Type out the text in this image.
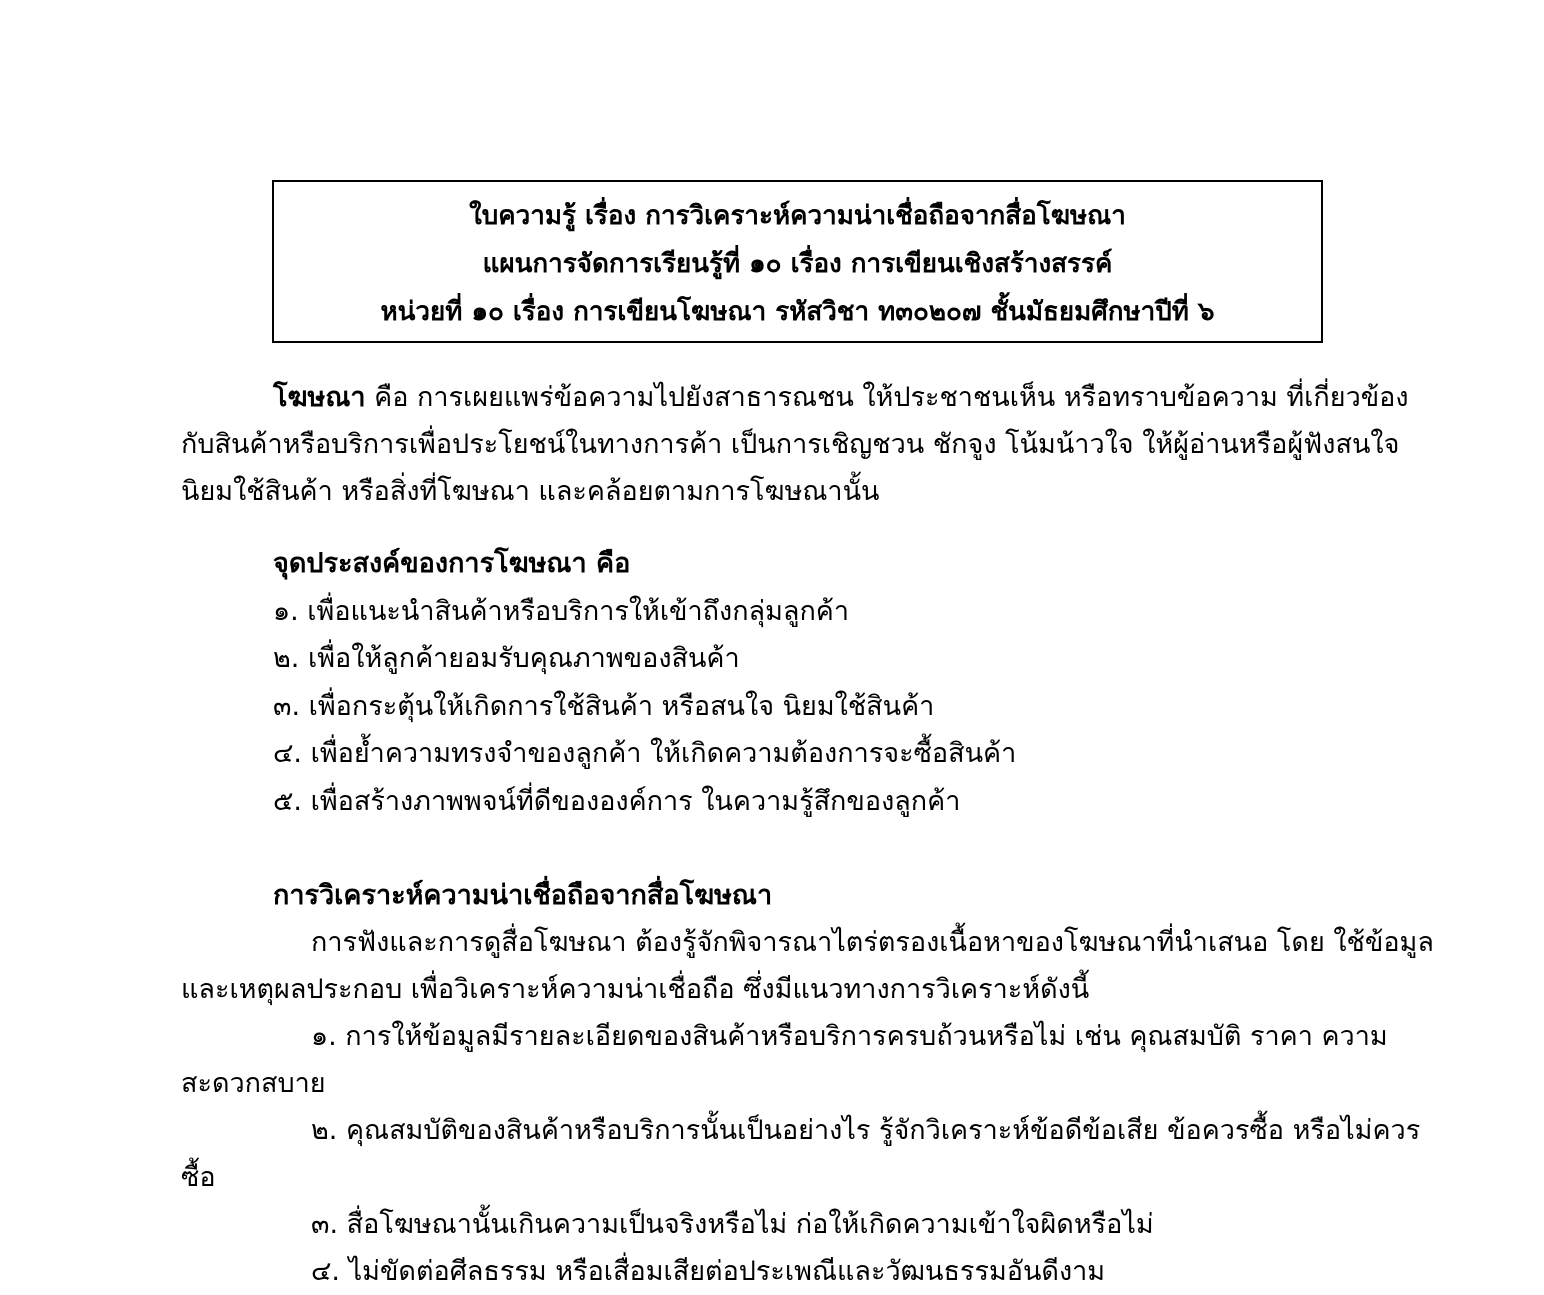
ใบความรู้ เรื่อง การวิเคราะห์ความน่าเชื่อถือจากสื่อโฆษณา
แผนการจัดการเรียนรู้ที่ ๑๐ เรื่อง การเขียนเชิงสร้างสรรค์
หน่วยที่ ๑๐ เรื่อง การเขียนโฆษณา รหัสวิชา ท๓๐๒๐๗ ชั้นมัธยมศึกษาปีที่ ๖
โฆษณา คือ การเผยแพร่ข้อความไปยังสาธารณชน ให้ประชาชนเห็น หรือทราบข้อความ ที่เกี่ยวข้อง
กับสินค้าหรือบริการเพื่อประโยชน์ในทางการค้า เป็นการเชิญชวน ชักจูง โน้มน้าวใจ ให้ผู้อ่านหรือผู้ฟังสนใจ
นิยมใช้สินค้า หรือสิ่งที่โฆษณา และคล้อยตามการโฆษณานั้น
จุดประสงค์ของการโฆษณา คือ
๑. เพื่อแนะนำสินค้าหรือบริการให้เข้าถึงกลุ่มลูกค้า
๒. เพื่อให้ลูกค้ายอมรับคุณภาพของสินค้า
๓. เพื่อกระตุ้นให้เกิดการใช้สินค้า หรือสนใจ นิยมใช้สินค้า
๔. เพื่อย้ำความทรงจำของลูกค้า ให้เกิดความต้องการจะซื้อสินค้า
๕. เพื่อสร้างภาพพจน์ที่ดีขององค์การ ในความรู้สึกของลูกค้า
การวิเคราะห์ความน่าเชื่อถือจากสื่อโฆษณา
การฟังและการดูสื่อโฆษณา ต้องรู้จักพิจารณาไตร่ตรองเนื้อหาของโฆษณาที่นำเสนอ โดย ใช้ข้อมูล
และเหตุผลประกอบ เพื่อวิเคราะห์ความน่าเชื่อถือ ซึ่งมีแนวทางการวิเคราะห์ดังนี้
๑. การให้ข้อมูลมีรายละเอียดของสินค้าหรือบริการครบถ้วนหรือไม่ เช่น คุณสมบัติ ราคา ความ
สะดวกสบาย
๒. คุณสมบัติของสินค้าหรือบริการนั้นเป็นอย่างไร รู้จักวิเคราะห์ข้อดีข้อเสีย ข้อควรซื้อ หรือไม่ควร
ซื้อ
๓. สื่อโฆษณานั้นเกินความเป็นจริงหรือไม่ ก่อให้เกิดความเข้าใจผิดหรือไม่
๔. ไม่ขัดต่อศีลธรรม หรือเสื่อมเสียต่อประเพณีและวัฒนธรรมอันดีงาม
